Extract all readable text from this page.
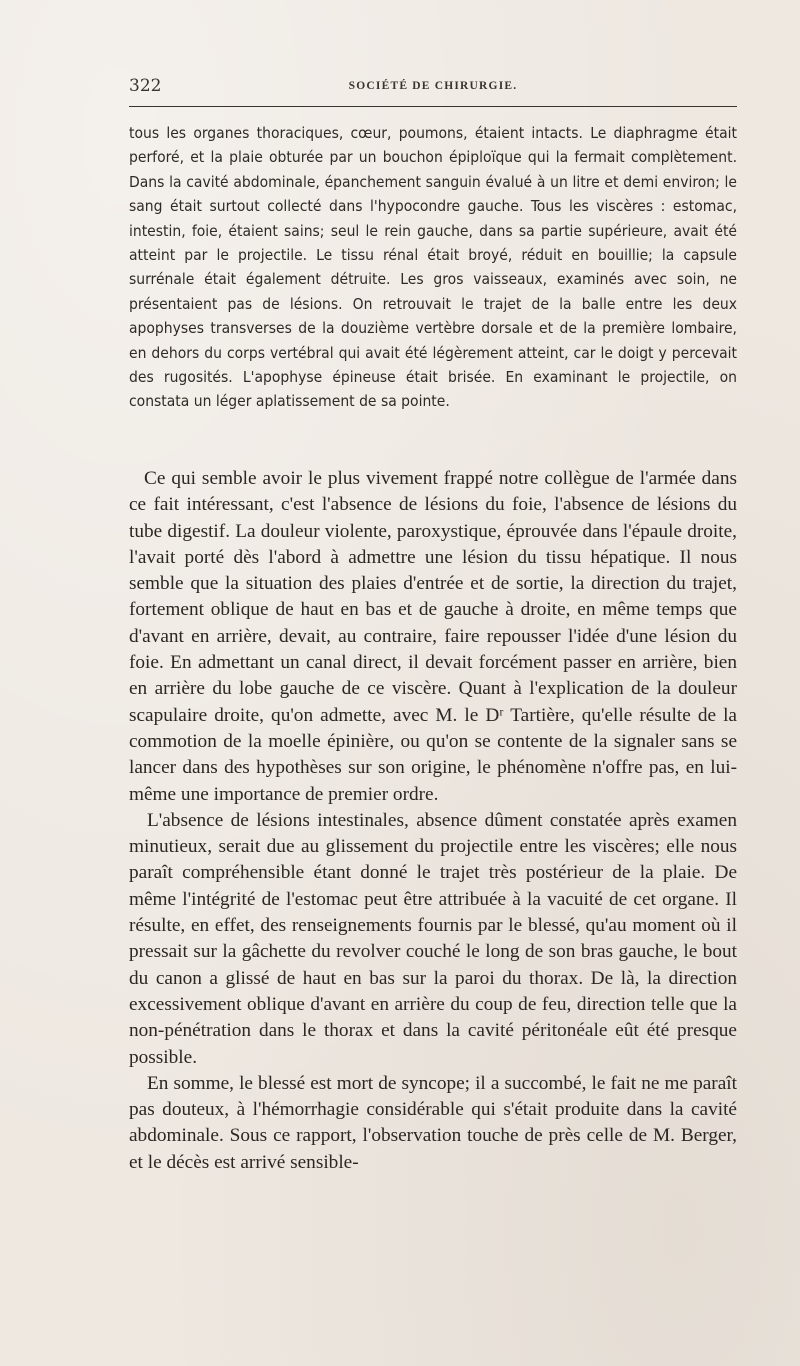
322	SOCIÉTÉ DE CHIRURGIE.

tous les organes thoraciques, cœur, poumons, étaient intacts. Le diaphragme était perforé, et la plaie obturée par un bouchon épiploïque qui la fermait complètement. Dans la cavité abdominale, épanchement sanguin évalué à un litre et demi environ; le sang était surtout collecté dans l'hypocondre gauche. Tous les viscères : estomac, intestin, foie, étaient sains; seul le rein gauche, dans sa partie supérieure, avait été atteint par le projectile. Le tissu rénal était broyé, réduit en bouillie; la capsule surrénale était également détruite. Les gros vaisseaux, examinés avec soin, ne présentaient pas de lésions. On retrouvait le trajet de la balle entre les deux apophyses transverses de la douzième vertèbre dorsale et de la première lombaire, en dehors du corps vertébral qui avait été légèrement atteint, car le doigt y percevait des rugosités. L'apophyse épineuse était brisée. En examinant le projectile, on constata un léger aplatissement de sa pointe.

Ce qui semble avoir le plus vivement frappé notre collègue de l'armée dans ce fait intéressant, c'est l'absence de lésions du foie, l'absence de lésions du tube digestif. La douleur violente, paroxystique, éprouvée dans l'épaule droite, l'avait porté dès l'abord à admettre une lésion du tissu hépatique. Il nous semble que la situation des plaies d'entrée et de sortie, la direction du trajet, fortement oblique de haut en bas et de gauche à droite, en même temps que d'avant en arrière, devait, au contraire, faire repousser l'idée d'une lésion du foie. En admettant un canal direct, il devait forcément passer en arrière, bien en arrière du lobe gauche de ce viscère. Quant à l'explication de la douleur scapulaire droite, qu'on admette, avec M. le Dʳ Tartière, qu'elle résulte de la commotion de la moelle épinière, ou qu'on se contente de la signaler sans se lancer dans des hypothèses sur son origine, le phénomène n'offre pas, en lui-même une importance de premier ordre.

L'absence de lésions intestinales, absence dûment constatée après examen minutieux, serait due au glissement du projectile entre les viscères; elle nous paraît compréhensible étant donné le trajet très postérieur de la plaie. De même l'intégrité de l'estomac peut être attribuée à la vacuité de cet organe. Il résulte, en effet, des renseignements fournis par le blessé, qu'au moment où il pressait sur la gâchette du revolver couché le long de son bras gauche, le bout du canon a glissé de haut en bas sur la paroi du thorax. De là, la direction excessivement oblique d'avant en arrière du coup de feu, direction telle que la non-pénétration dans le thorax et dans la cavité péritonéale eût été presque possible.

En somme, le blessé est mort de syncope; il a succombé, le fait ne me paraît pas douteux, à l'hémorrhagie considérable qui s'était produite dans la cavité abdominale. Sous ce rapport, l'observation touche de près celle de M. Berger, et le décès est arrivé sensible-
